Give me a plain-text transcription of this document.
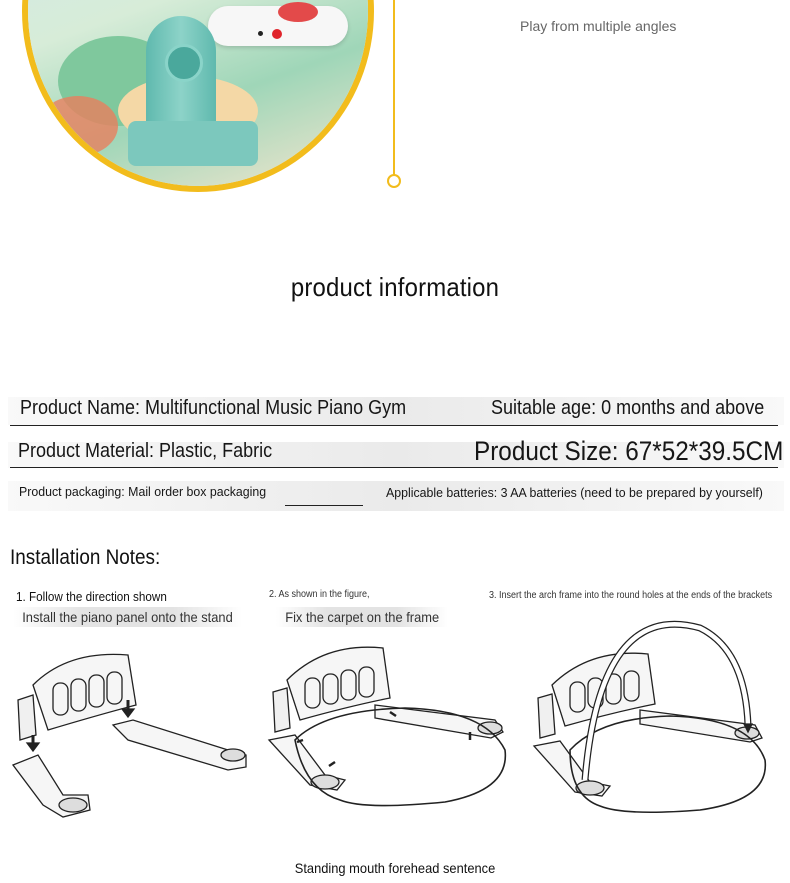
Play from multiple angles
product information
Product Name: Multifunctional Music Piano Gym	Suitable age: 0 months and above
Product Material: Plastic, Fabric	Product Size: 67*52*39.5CM
Product packaging: Mail order box packaging	Applicable batteries: 3 AA batteries (need to be prepared by yourself)
Installation Notes:
1. Follow the direction shown
Install the piano panel onto the stand
2. As shown in the figure,
Fix the carpet on the frame
3. Insert the arch frame into the round holes at the ends of the brackets
Standing mouth forehead sentence
